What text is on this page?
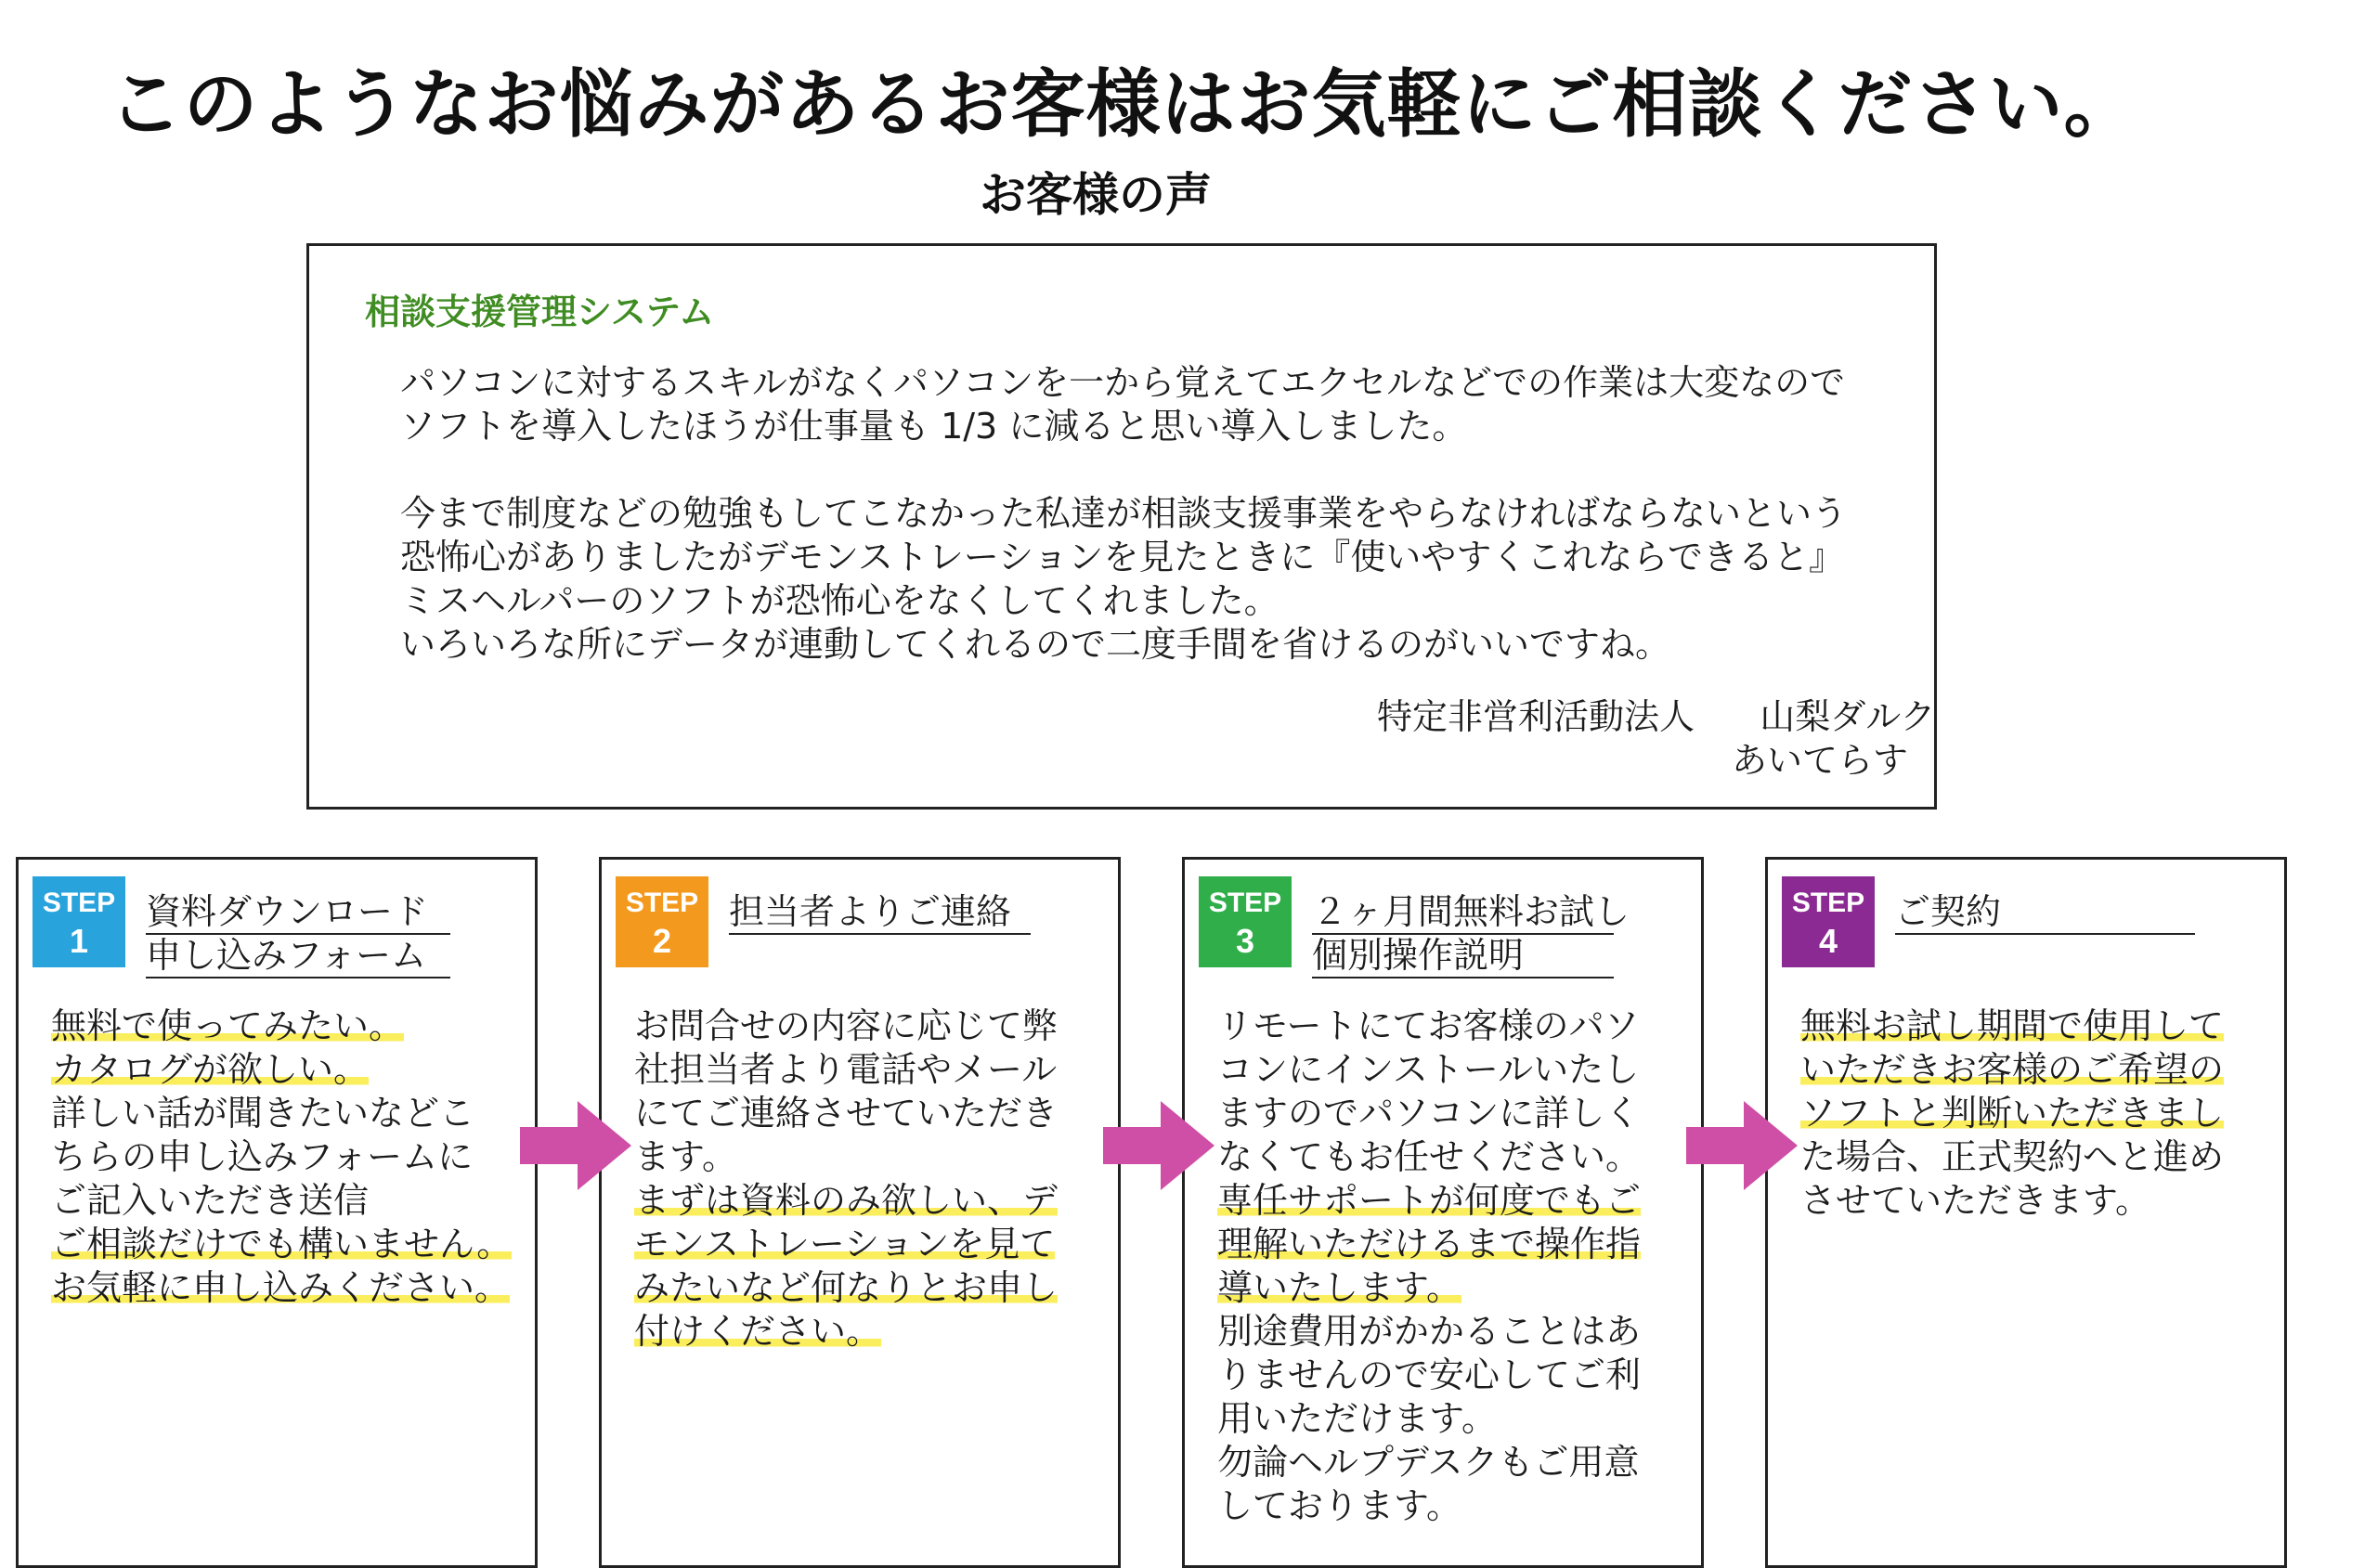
このようなお悩みがあるお客様はお気軽にご相談ください。
お客様の声
相談支援管理システム
パソコンに対するスキルがなくパソコンを一から覚えてエクセルなどでの作業は大変なので
ソフトを導入したほうが仕事量も 1/3 に減ると思い導入しました。
今まで制度などの勉強もしてこなかった私達が相談支援事業をやらなければならないという
恐怖心がありましたがデモンストレーションを見たときに『使いやすくこれならできると』
ミスヘルパーのソフトが恐怖心をなくしてくれました。
いろいろな所にデータが連動してくれるので二度手間を省けるのがいいですね。
特定非営利活動法人 山梨ダルク
あいてらす
STEP
1
資料ダウンロード
申し込みフォーム
無料で使ってみたい。
カタログが欲しい。
詳しい話が聞きたいなどこ
ちらの申し込みフォームに
ご記入いただき送信
ご相談だけでも構いません。
お気軽に申し込みください。
STEP
2
担当者よりご連絡
お問合せの内容に応じて弊
社担当者より電話やメール
にてご連絡させていただき
ます。
まずは資料のみ欲しい、デ
モンストレーションを見て
みたいなど何なりとお申し
付けください。
STEP
3
２ヶ月間無料お試し
個別操作説明
リモートにてお客様のパソ
コンにインストールいたし
ますのでパソコンに詳しく
なくてもお任せください。
専任サポートが何度でもご
理解いただけるまで操作指
導いたします。
別途費用がかかることはあ
りませんので安心してご利
用いただけます。
勿論ヘルプデスクもご用意
しております。
STEP
4
ご契約
無料お試し期間で使用して
いただきお客様のご希望の
ソフトと判断いただきまし
た場合、正式契約へと進め
させていただきます。
